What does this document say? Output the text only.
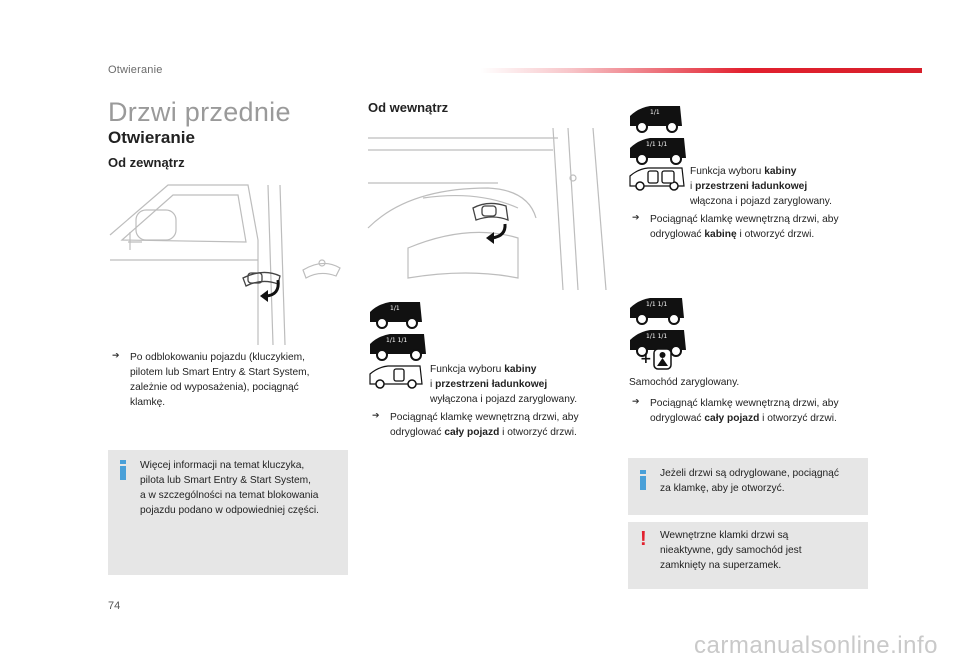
Otwieranie
Drzwi przednie
Otwieranie
Od zewnątrz
➔ Po odblokowaniu pojazdu (kluczykiem,
pilotem lub Smart Entry & Start System,
zależnie od wyposażenia), pociągnąć
klamkę.
Więcej informacji na temat kluczyka,
pilota lub Smart Entry & Start System,
a w szczególności na temat blokowania
pojazdu podano w odpowiedniej części.
Od wewnątrz
1/1
1/1 1/1
Funkcja wyboru kabiny
i przestrzeni ładunkowej
wyłączona i pojazd zaryglowany.
➔ Pociągnąć klamkę wewnętrzną drzwi, aby
odryglować cały pojazd i otworzyć drzwi.
1/1
1/1 1/1
Funkcja wyboru kabiny
i przestrzeni ładunkowej
włączona i pojazd zaryglowany.
➔ Pociągnąć klamkę wewnętrzną drzwi, aby
odryglować kabinę i otworzyć drzwi.
1/1 1/1
1/1 1/1
+
Samochód zaryglowany.
➔ Pociągnąć klamkę wewnętrzną drzwi, aby
odryglować cały pojazd i otworzyć drzwi.
Jeżeli drzwi są odryglowane, pociągnąć
za klamkę, aby je otworzyć.
! Wewnętrzne klamki drzwi są
nieaktywne, gdy samochód jest
zamknięty na superzamek.
74
carmanualsonline.info
